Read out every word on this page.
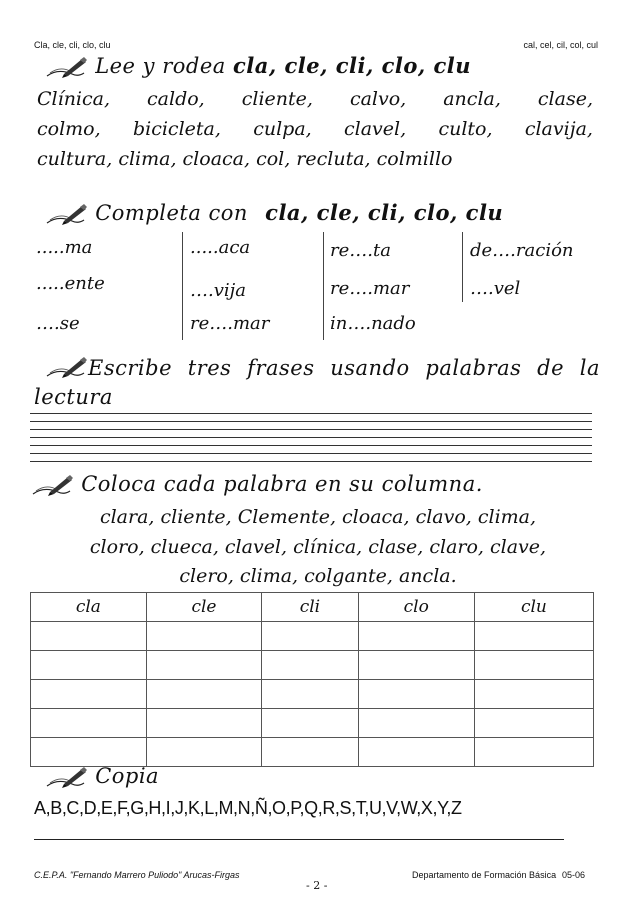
Cla, cle, cli, clo, clu	cal, cel, cil, col, cul
Lee y rodea cla, cle, cli, clo, clu
Clínica, caldo, cliente, calvo, ancla, clase,
colmo, bicicleta, culpa, clavel, culto, clavija,
cultura, clima, cloaca, col, recluta, colmillo
Completa con cla, cle, cli, clo, clu
.....ma	.....aca	re….ta	de….ración
.....ente	….vija	re….mar	….vel
….se	re….mar	in….nado
Escribe tres frases usando palabras de la
lectura
Coloca cada palabra en su columna.
clara, cliente, Clemente, cloaca, clavo, clima,
cloro, clueca, clavel, clínica, clase, claro, clave,
clero, clima, colgante, ancla.
cla	cle	cli	clo	clu

Copia
A,B,C,D,E,F,G,H,I,J,K,L,M,N,Ñ,O,P,Q,R,S,T,U,V,W,X,Y,Z
C.E.P.A. "Fernando Marrero Puliodo" Arucas-Firgas
- 2 -
Departamento de Formación Básica 05-06
